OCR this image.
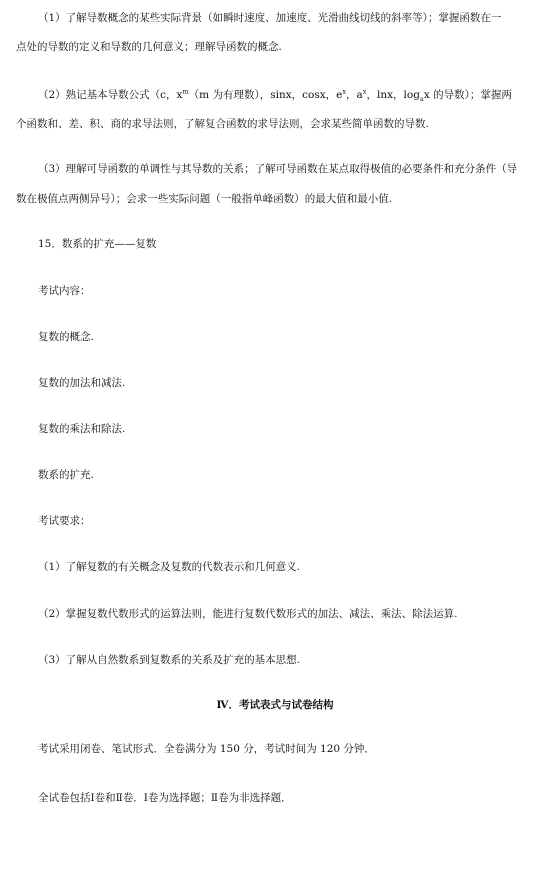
（1）了解导数概念的某些实际背景（如瞬时速度、加速度、光滑曲线切线的斜率等）；掌握函数在一
点处的导数的定义和导数的几何意义；理解导函数的概念.
（2）熟记基本导数公式（c，$x^m(m$ 为有理数），sinx，cosx，$e^x$，$a^x$，lnx，$\log_ax$ 的导数）；掌握两
个函数和、差、积、商的求导法则，了解复合函数的求导法则，会求某些简单函数的导数.
（3）理解可导函数的单调性与其导数的关系；了解可导函数在某点取得极值的必要条件和充分条件（导
数在极值点两侧异号）；会求一些实际问题（一般指单峰函数）的最大值和最小值.
15．数系的扩充——复数
考试内容：
复数的概念.
复数的加法和减法.
复数的乘法和除法.
数系的扩充.
考试要求：
（1）了解复数的有关概念及复数的代数表示和几何意义.
（2）掌握复数代数形式的运算法则，能进行复数代数形式的加法、减法、乘法、除法运算.
（3）了解从自然数系到复数系的关系及扩充的基本思想.
Ⅳ．考试表式与试卷结构
考试采用闭卷、笔试形式．全卷满分为 150 分，考试时间为 120 分钟．
全试卷包括Ⅰ卷和Ⅱ卷．Ⅰ卷为选择题；Ⅱ卷为非选择题．
